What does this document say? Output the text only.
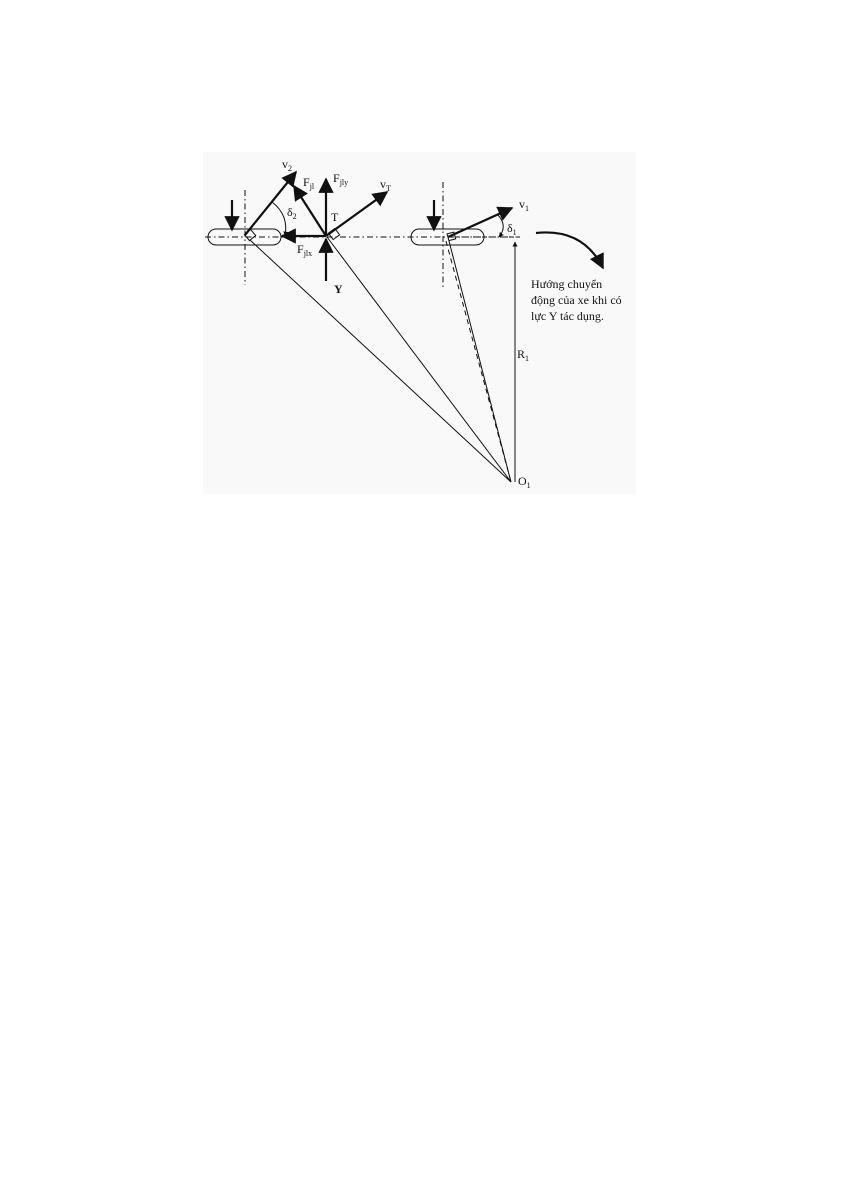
$v_2$
$F_{jl}$
$F_{jly}$	$v_T$
$v_1$
$\delta_2$	T
$\delta_1$
$F_{jlx}$
Y
$R_1$
$O_1$
Hướng chuyển
động của xe khi có
lực Y tác dụng.
